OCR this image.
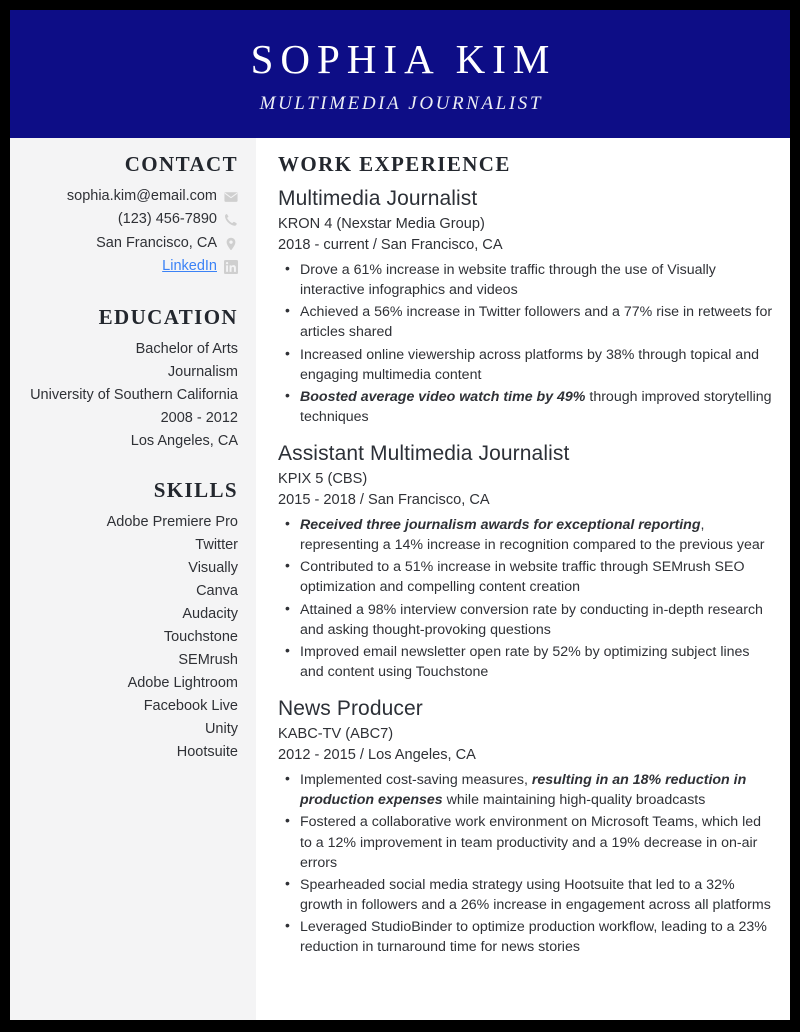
SOPHIA KIM
MULTIMEDIA JOURNALIST
CONTACT
sophia.kim@email.com
(123) 456-7890
San Francisco, CA
LinkedIn
EDUCATION
Bachelor of Arts
Journalism
University of Southern California
2008 - 2012
Los Angeles, CA
SKILLS
Adobe Premiere Pro
Twitter
Visually
Canva
Audacity
Touchstone
SEMrush
Adobe Lightroom
Facebook Live
Unity
Hootsuite
WORK EXPERIENCE
Multimedia Journalist
KRON 4 (Nexstar Media Group)
2018 - current / San Francisco, CA
• Drove a 61% increase in website traffic through the use of Visually interactive infographics and videos
• Achieved a 56% increase in Twitter followers and a 77% rise in retweets for articles shared
• Increased online viewership across platforms by 38% through topical and engaging multimedia content
• Boosted average video watch time by 49% through improved storytelling techniques
Assistant Multimedia Journalist
KPIX 5 (CBS)
2015 - 2018 / San Francisco, CA
• Received three journalism awards for exceptional reporting, representing a 14% increase in recognition compared to the previous year
• Contributed to a 51% increase in website traffic through SEMrush SEO optimization and compelling content creation
• Attained a 98% interview conversion rate by conducting in-depth research and asking thought-provoking questions
• Improved email newsletter open rate by 52% by optimizing subject lines and content using Touchstone
News Producer
KABC-TV (ABC7)
2012 - 2015 / Los Angeles, CA
• Implemented cost-saving measures, resulting in an 18% reduction in production expenses while maintaining high-quality broadcasts
• Fostered a collaborative work environment on Microsoft Teams, which led to a 12% improvement in team productivity and a 19% decrease in on-air errors
• Spearheaded social media strategy using Hootsuite that led to a 32% growth in followers and a 26% increase in engagement across all platforms
• Leveraged StudioBinder to optimize production workflow, leading to a 23% reduction in turnaround time for news stories
